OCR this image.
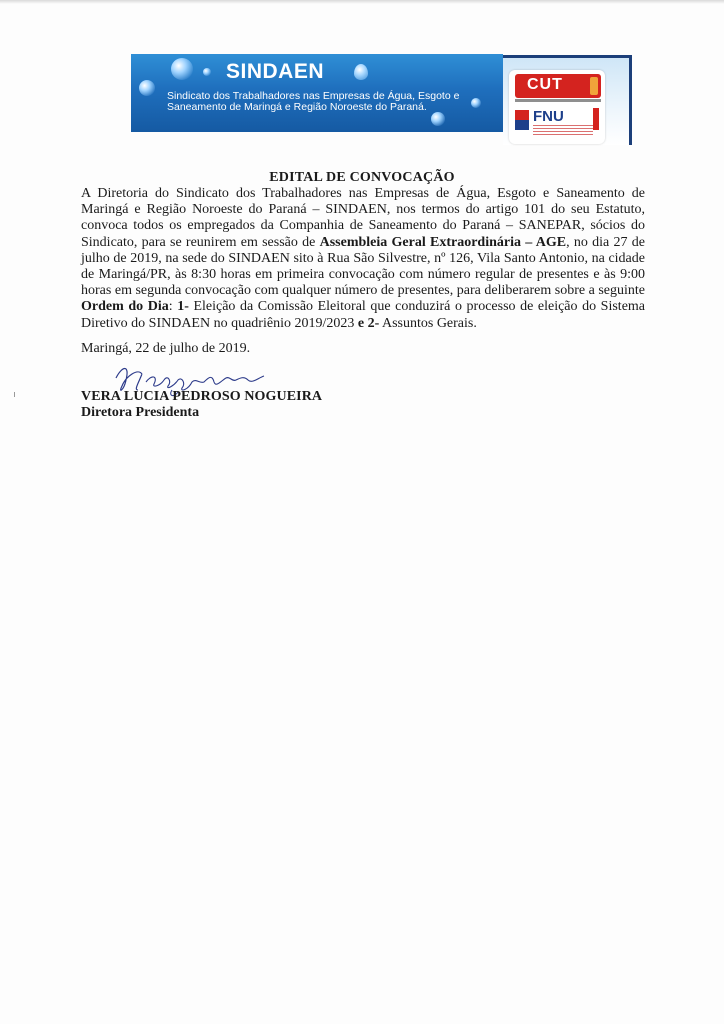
SINDAEN
Sindicato dos Trabalhadores nas Empresas de Água, Esgoto e Saneamento de Maringá e Região Noroeste do Paraná.
CUT
FNU
EDITAL DE CONVOCAÇÃO
A Diretoria do Sindicato dos Trabalhadores nas Empresas de Água, Esgoto e Saneamento de Maringá e Região Noroeste do Paraná – SINDAEN, nos termos do artigo 101 do seu Estatuto, convoca todos os empregados da Companhia de Saneamento do Paraná – SANEPAR, sócios do Sindicato, para se reunirem em sessão de Assembleia Geral Extraordinária – AGE, no dia 27 de julho de 2019, na sede do SINDAEN sito à Rua São Silvestre, nº 126, Vila Santo Antonio, na cidade de Maringá/PR, às 8:30 horas em primeira convocação com número regular de presentes e às 9:00 horas em segunda convocação com qualquer número de presentes, para deliberarem sobre a seguinte Ordem do Dia: 1- Eleição da Comissão Eleitoral que conduzirá o processo de eleição do Sistema Diretivo do SINDAEN no quadriênio 2019/2023 e 2- Assuntos Gerais.
Maringá, 22 de julho de 2019.
VERA LUCIA PEDROSO NOGUEIRA
Diretora Presidenta
